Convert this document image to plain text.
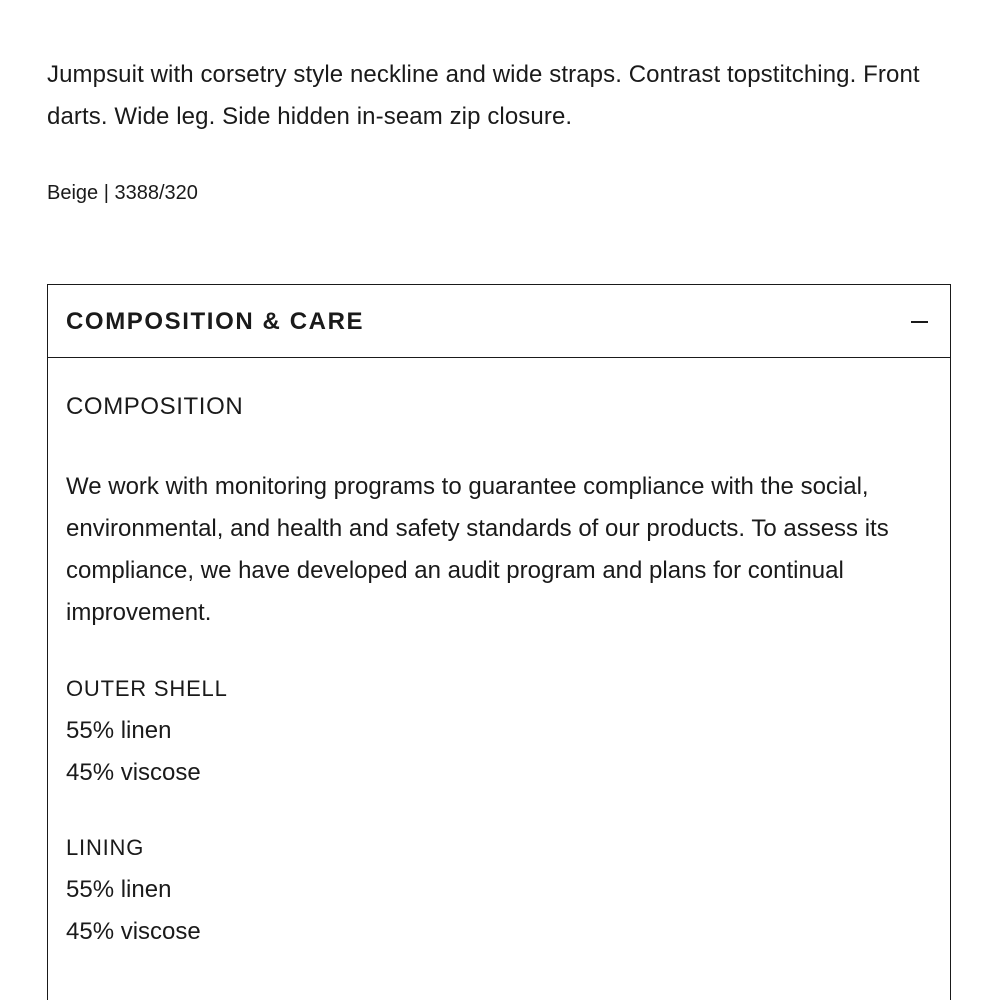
Jumpsuit with corsetry style neckline and wide straps. Contrast topstitching. Front darts. Wide leg. Side hidden in-seam zip closure.

Beige | 3388/320
COMPOSITION & CARE
COMPOSITION

We work with monitoring programs to guarantee compliance with the social, environmental, and health and safety standards of our products. To assess its compliance, we have developed an audit program and plans for continual improvement.

OUTER SHELL
55% linen
45% viscose
LINING
55% linen
45% viscose
